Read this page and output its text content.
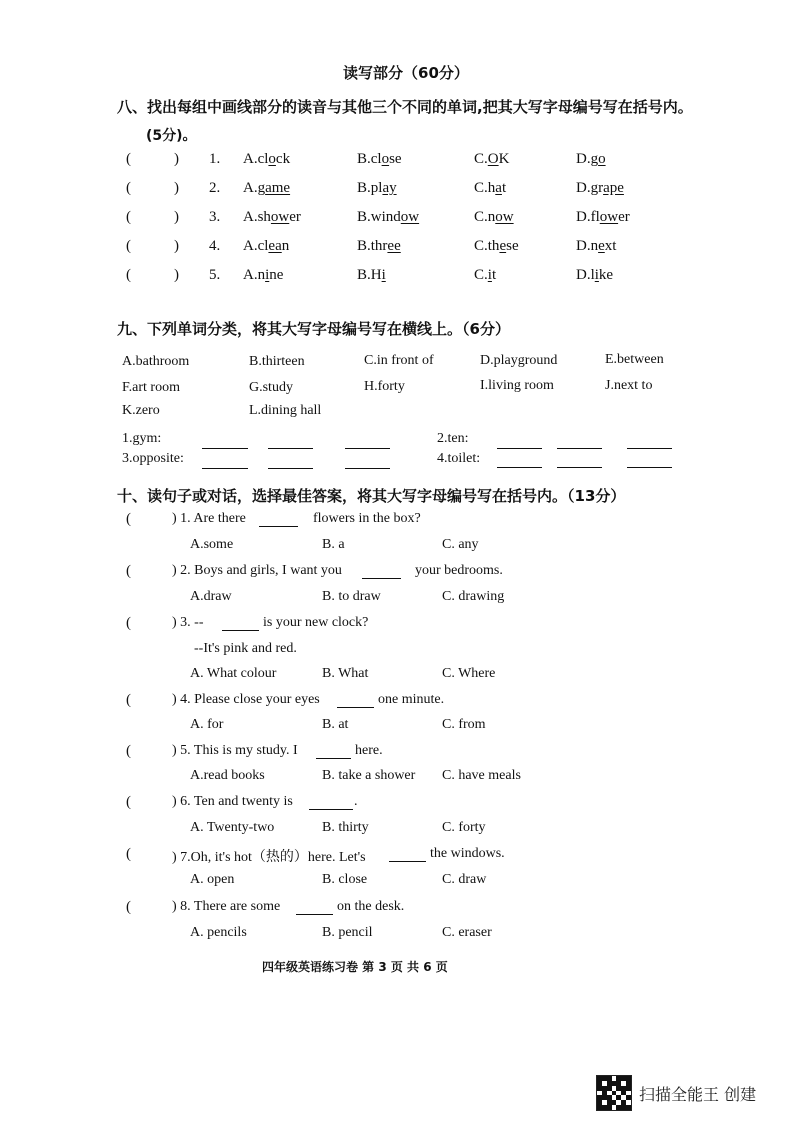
读写部分（60分）
八、找出每组中画线部分的读音与其他三个不同的单词,把其大写字母编号写在括号内。
(5分)。
(	) 1. A.clock	B.close	C.OK	D.go
(	) 2. A.game	B.play	C.hat	D.grape
(	) 3. A.shower	B.window	C.now	D.flower
(	) 4. A.clean	B.three	C.these	D.next
(	) 5. A.nine	B.Hi	C.it	D.like
九、下列单词分类，将其大写字母编号写在横线上。（6分）
A.bathroom	B.thirteen	C.in front of	D.playground	E.between
F.art room	G.study	H.forty	I.living room	J.next to
K.zero	L.dining hall
1.gym:	2.ten:
3.opposite:	4.toilet:
十、读句子或对话，选择最佳答案，将其大写字母编号写在括号内。（13分）
(	) 1. Are there	flowers in the box?
A.some	B. a	C. any
(	) 2. Boys and girls, I want you	your bedrooms.
A.draw	B. to draw	C. drawing
(	) 3. --	is your new clock?
--It's pink and red.
A. What colour	B. What	C. Where
(	) 4. Please close your eyes	one minute.
A. for	B. at	C. from
(	) 5. This is my study. I	here.
A.read books	B. take a shower C. have meals
(	) 6. Ten and twenty is	.
A. Twenty-two	B. thirty	C. forty
(	) 7.Oh, it's hot（热的）here. Let's	the windows.
A. open	B. close	C. draw
(	) 8. There are some	on the desk.
A. pencils	B. pencil	C. eraser
四年级英语练习卷 第 3 页 共 6 页
扫描全能王 创建
